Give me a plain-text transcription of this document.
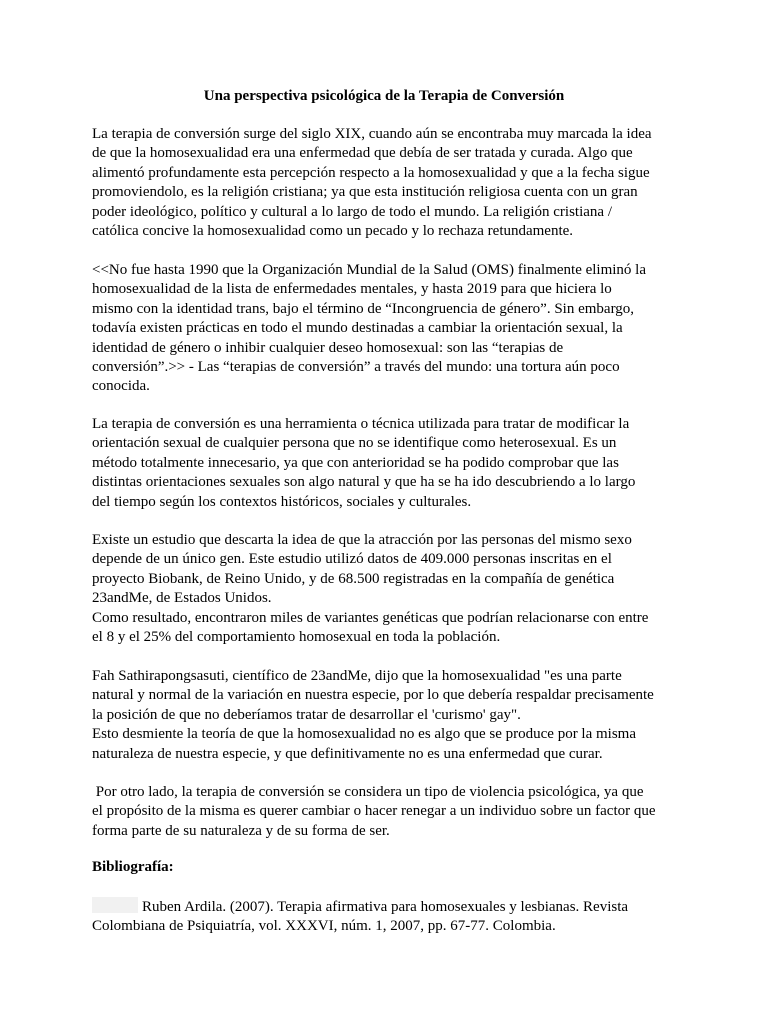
Una perspectiva psicológica de la Terapia de Conversión

La terapia de conversión surge del siglo XIX, cuando aún se encontraba muy marcada la idea
de que la homosexualidad era una enfermedad que debía de ser tratada y curada. Algo que
alimentó profundamente esta percepción respecto a la homosexualidad y que a la fecha sigue
promoviendolo, es la religión cristiana; ya que esta institución religiosa cuenta con un gran
poder ideológico, político y cultural a lo largo de todo el mundo. La religión cristiana /
católica concive la homosexualidad como un pecado y lo rechaza retundamente.

<<No fue hasta 1990 que la Organización Mundial de la Salud (OMS) finalmente eliminó la
homosexualidad de la lista de enfermedades mentales, y hasta 2019 para que hiciera lo
mismo con la identidad trans, bajo el término de “Incongruencia de género”. Sin embargo,
todavía existen prácticas en todo el mundo destinadas a cambiar la orientación sexual, la
identidad de género o inhibir cualquier deseo homosexual: son las “terapias de
conversión”.>> - Las “terapias de conversión” a través del mundo: una tortura aún poco
conocida.

La terapia de conversión es una herramienta o técnica utilizada para tratar de modificar la
orientación sexual de cualquier persona que no se identifique como heterosexual. Es un
método totalmente innecesario, ya que con anterioridad se ha podido comprobar que las
distintas orientaciones sexuales son algo natural y que ha se ha ido descubriendo a lo largo
del tiempo según los contextos históricos, sociales y culturales.

Existe un estudio que descarta la idea de que la atracción por las personas del mismo sexo
depende de un único gen. Este estudio utilizó datos de 409.000 personas inscritas en el
proyecto Biobank, de Reino Unido, y de 68.500 registradas en la compañía de genética
23andMe, de Estados Unidos.
Como resultado, encontraron miles de variantes genéticas que podrían relacionarse con entre
el 8 y el 25% del comportamiento homosexual en toda la población.

Fah Sathirapongsasuti, científico de 23andMe, dijo que la homosexualidad "es una parte
natural y normal de la variación en nuestra especie, por lo que debería respaldar precisamente
la posición de que no deberíamos tratar de desarrollar el 'curismo' gay".
Esto desmiente la teoría de que la homosexualidad no es algo que se produce por la misma
naturaleza de nuestra especie, y que definitivamente no es una enfermedad que curar.

Por otro lado, la terapia de conversión se considera un tipo de violencia psicológica, ya que
el propósito de la misma es querer cambiar o hacer renegar a un individuo sobre un factor que
forma parte de su naturaleza y de su forma de ser.

Bibliografía:

Ruben Ardila. (2007). Terapia afirmativa para homosexuales y lesbianas. Revista
Colombiana de Psiquiatría, vol. XXXVI, núm. 1, 2007, pp. 67-77. Colombia.
